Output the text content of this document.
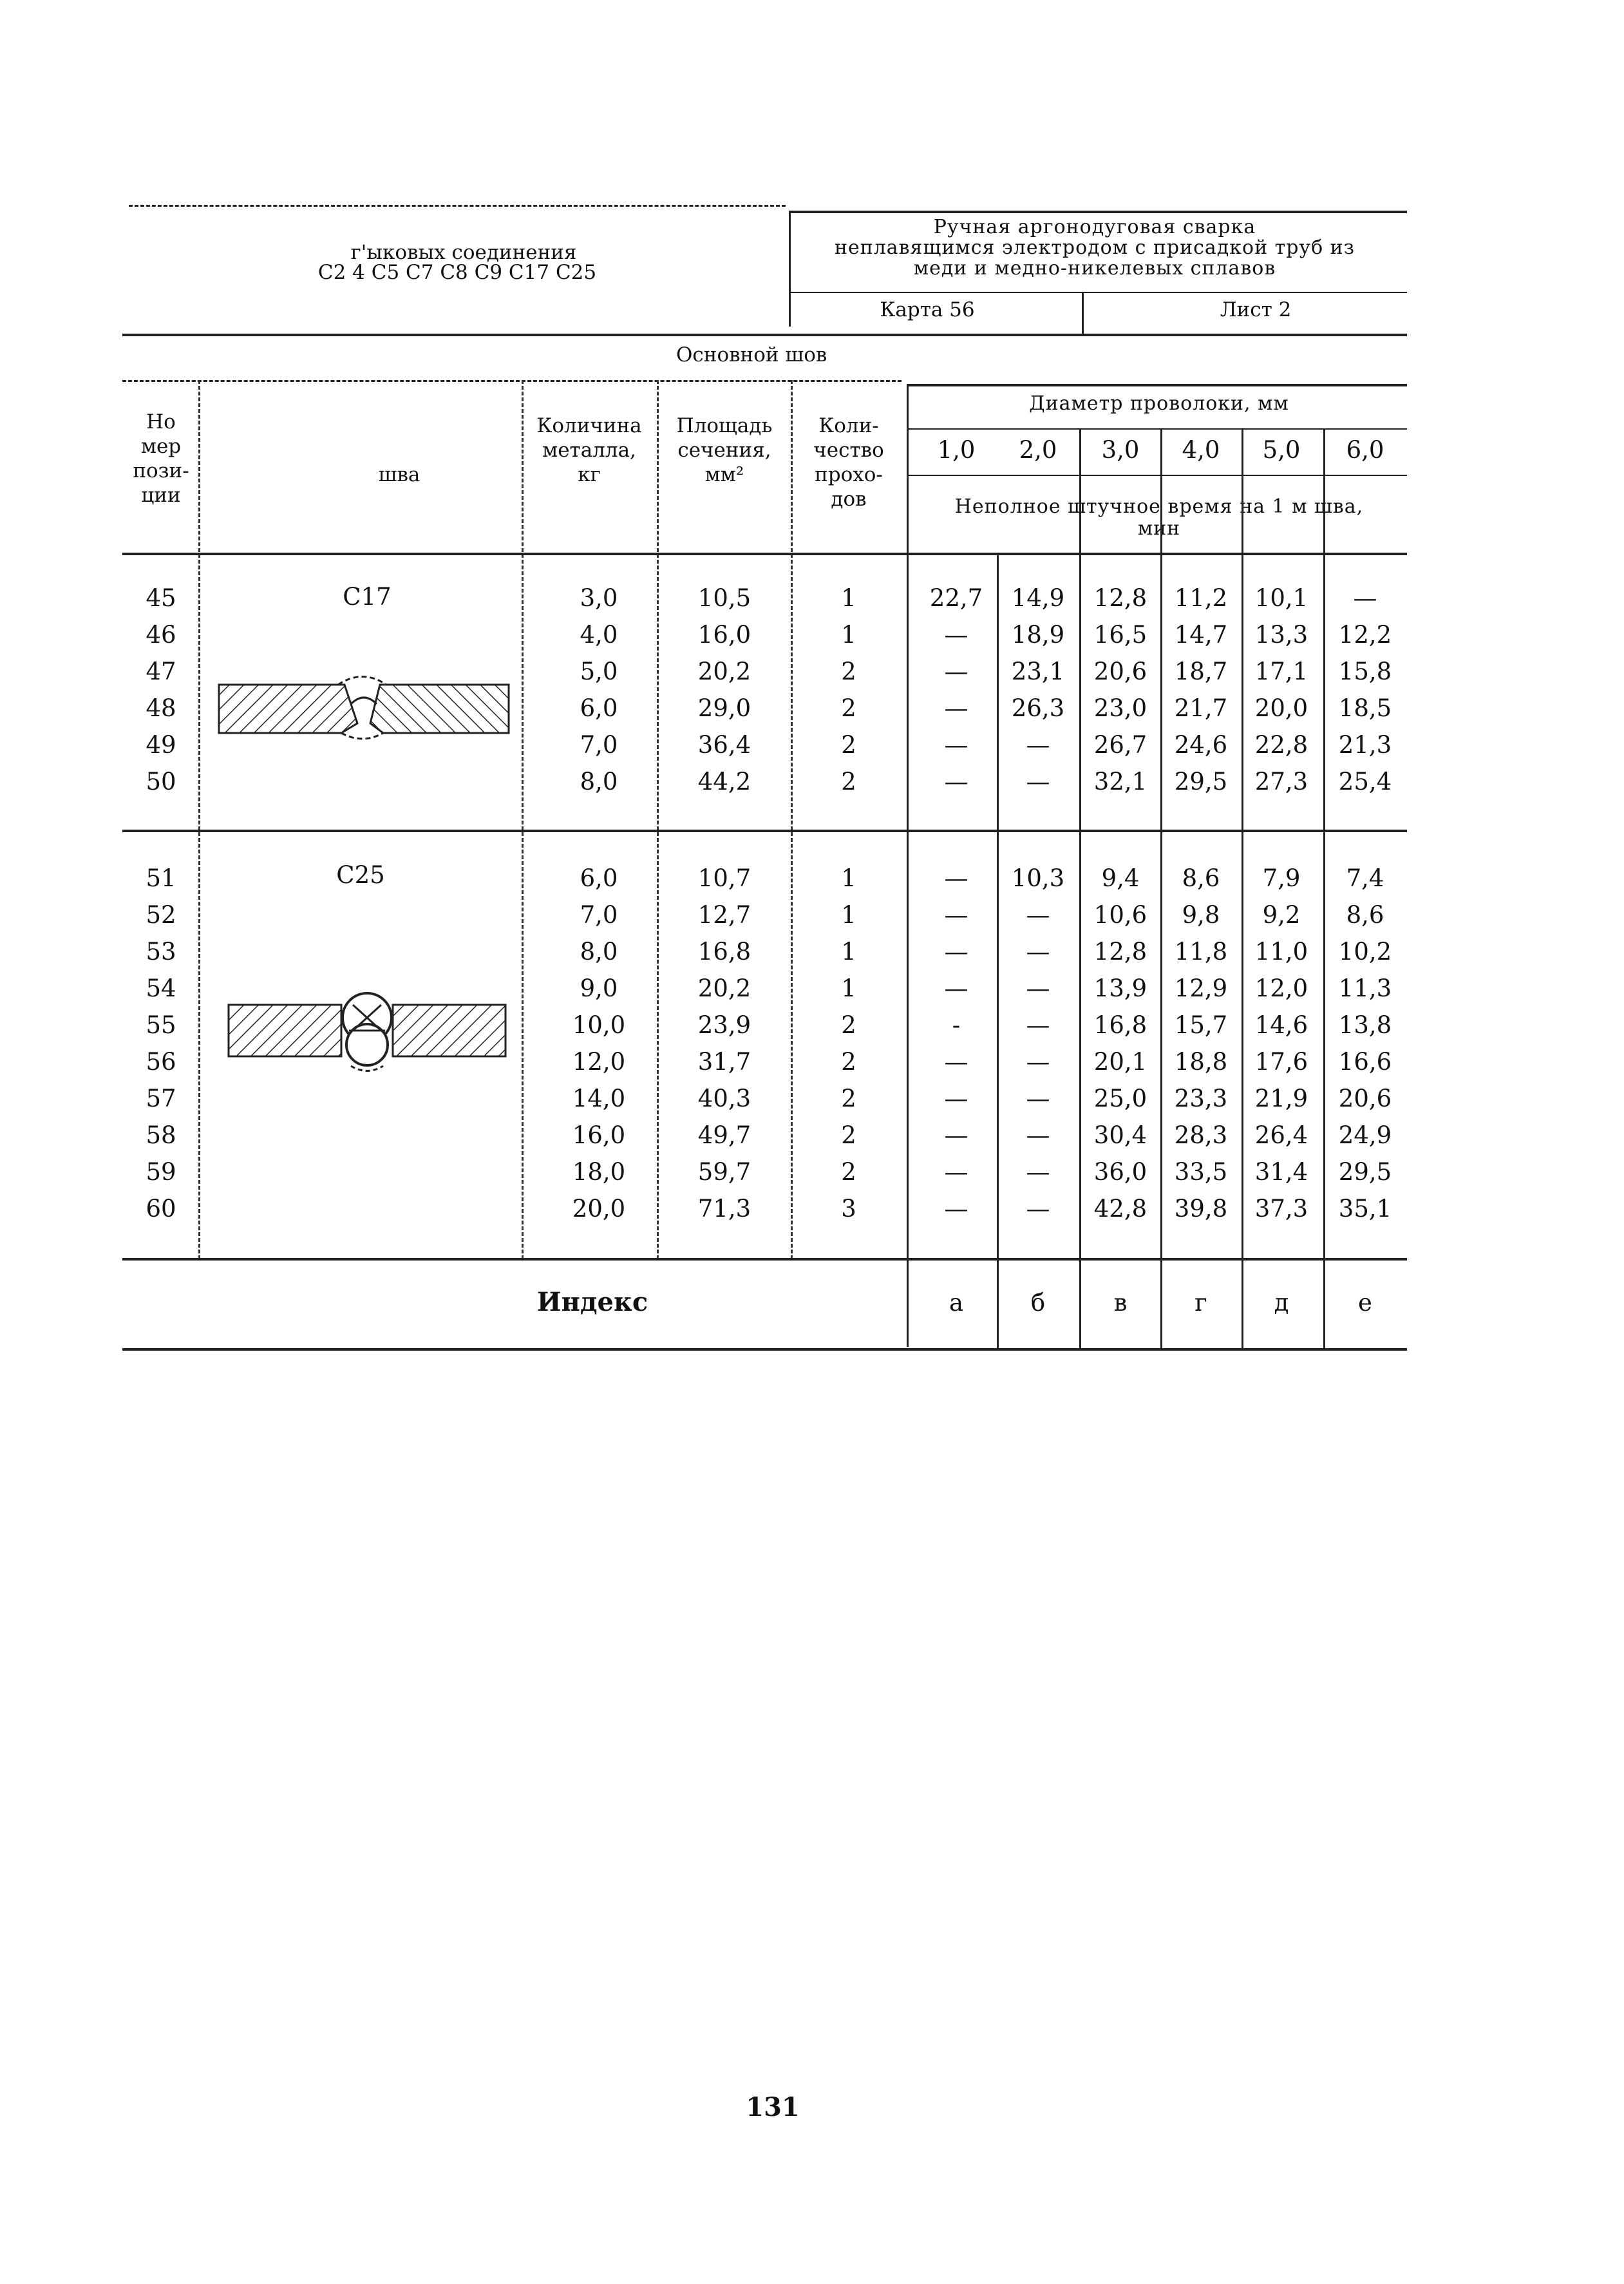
г'ыковых соединения
С2 4 С5 С7 С8 С9 С17 С25
Ручная аргонодуговая сварка
неплавящимся электродом с присадкой труб из
меди и медно-никелевых сплавов
Карта 56	Лист 2
Основной шов
Но
мер
пози-
ции
шва
Количина
металла,
кг
Площадь
сечения,
мм²
Коли-
чество
прохо-
дов
Диаметр проволоки, мм
1,0 2,0 3,0 4,0 5,0 6,0
Неполное штучное время на 1 м шва,
мин
С17
45	3,0	10,5	1	22,7 14,9 12,8 11,2 10,1 —
46	4,0	16,0	1	— 18,9 16,5 14,7 13,3 12,2
47	5,0	20,2	2	— 23,1 20,6 18,7 17,1 15,8
48	6,0	29,0	2	— 26,3 23,0 21,7 20,0 18,5
49	7,0	36,4	2	— — 26,7 24,6 22,8 21,3
50	8,0	44,2	2	— — 32,1 29,5 27,3 25,4
С25
51	6,0	10,7	1	— 10,3 9,4 8,6 7,9 7,4
52	7,0	12,7	1	— — 10,6 9,8 9,2 8,6
53	8,0	16,8	1	— — 12,8 11,8 11,0 10,2
54	9,0	20,2	1	— — 13,9 12,9 12,0 11,3
55	10,0	23,9	2	-	— 16,8 15,7 14,6 13,8
56	12,0	31,7	2	— — 20,1 18,8 17,6 16,6
57	14,0	40,3	2	— — 25,0 23,3 21,9 20,6
58	16,0	49,7	2	— — 30,4 28,3 26,4 24,9
59	18,0	59,7	2	— — 36,0 33,5 31,4 29,5
60	20,0	71,3	3	— — 42,8 39,8 37,3 35,1
Индекс	а	б	в	г	д	е
131
